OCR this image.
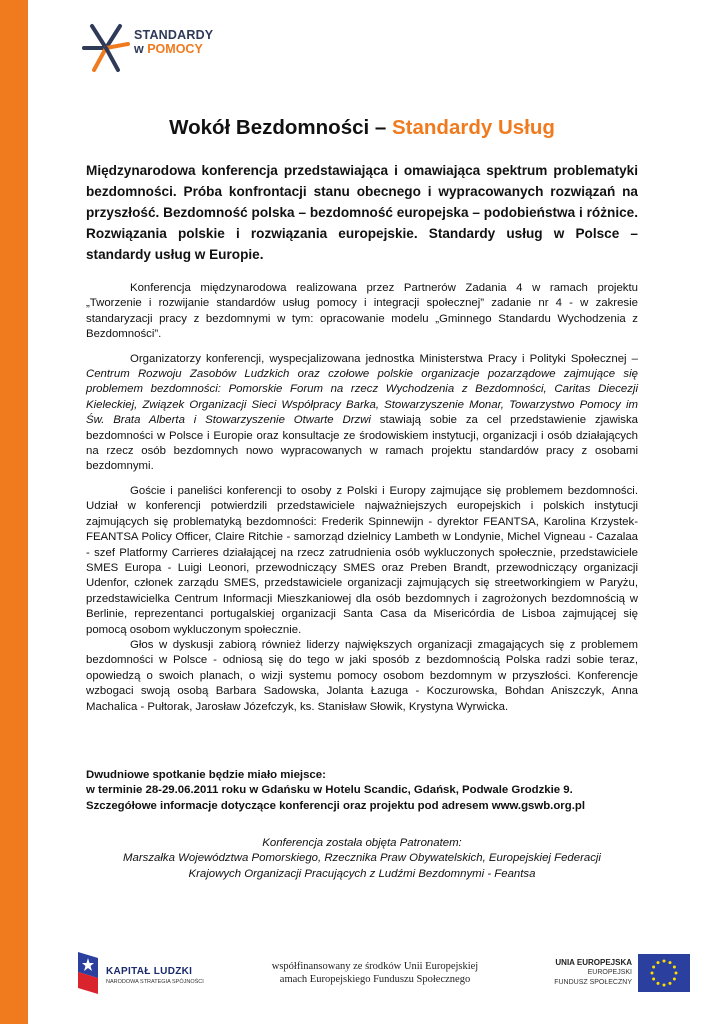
STANDARDY
w POMOCY
Wokół Bezdomności – Standardy Usług

Międzynarodowa konferencja przedstawiająca i omawiająca spektrum problematyki bezdomności. Próba konfrontacji stanu obecnego i wypracowanych rozwiązań na przyszłość. Bezdomność polska – bezdomność europejska – podobieństwa i różnice. Rozwiązania polskie i rozwiązania europejskie. Standardy usług w Polsce – standardy usług w Europie.

Konferencja międzynarodowa realizowana przez Partnerów Zadania 4 w ramach projektu „Tworzenie i rozwijanie standardów usług pomocy i integracji społecznej” zadanie nr 4 - w zakresie standaryzacji pracy z bezdomnymi w tym: opracowanie modelu „Gminnego Standardu Wychodzenia z Bezdomności”.

Organizatorzy konferencji, wyspecjalizowana jednostka Ministerstwa Pracy i Polityki Społecznej – Centrum Rozwoju Zasobów Ludzkich oraz czołowe polskie organizacje pozarządowe zajmujące się problemem bezdomności: Pomorskie Forum na rzecz Wychodzenia z Bezdomności, Caritas Diecezji Kieleckiej, Związek Organizacji Sieci Współpracy Barka, Stowarzyszenie Monar, Towarzystwo Pomocy im Św. Brata Alberta i Stowarzyszenie Otwarte Drzwi stawiają sobie za cel przedstawienie zjawiska bezdomności w Polsce i Europie oraz konsultacje ze środowiskiem instytucji, organizacji i osób działających na rzecz osób bezdomnych nowo wypracowanych w ramach projektu standardów pracy z osobami bezdomnymi.

Goście i paneliści konferencji to osoby z Polski i Europy zajmujące się problemem bezdomności. Udział w konferencji potwierdzili przedstawiciele najważniejszych europejskich i polskich instytucji zajmujących się problematyką bezdomności: Frederik Spinnewijn - dyrektor FEANTSA, Karolina Krzystek- FEANTSA Policy Officer, Claire Ritchie - samorząd dzielnicy Lambeth w Londynie, Michel Vigneau - Cazalaa - szef Platformy Carrieres działającej na rzecz zatrudnienia osób wykluczonych społecznie, przedstawiciele SMES Europa - Luigi Leonori, przewodniczący SMES oraz Preben Brandt, przewodniczący organizacji Udenfor, członek zarządu SMES, przedstawiciele organizacji zajmujących się streetworkingiem w Paryżu, przedstawicielka Centrum Informacji Mieszkaniowej dla osób bezdomnych i zagrożonych bezdomnością w Berlinie, reprezentanci portugalskiej organizacji Santa Casa da Misericórdia de Lisboa zajmującej się pomocą osobom wykluczonym społecznie.

Głos w dyskusji zabiorą również liderzy największych organizacji zmagających się z problemem bezdomności w Polsce - odniosą się do tego w jaki sposób z bezdomnością Polska radzi sobie teraz, opowiedzą o swoich planach, o wizji systemu pomocy osobom bezdomnym w przyszłości. Konferencje wzbogaci swoją osobą Barbara Sadowska, Jolanta Łazuga - Koczurowska, Bohdan Aniszczyk, Anna Machalica - Pułtorak, Jarosław Józefczyk, ks. Stanisław Słowik, Krystyna Wyrwicka.

Dwudniowe spotkanie będzie miało miejsce:
w terminie 28-29.06.2011 roku w Gdańsku w Hotelu Scandic, Gdańsk, Podwale Grodzkie 9.
Szczegółowe informacje dotyczące konferencji oraz projektu pod adresem www.gswb.org.pl
Konferencja została objęta Patronatem:
Marszałka Województwa Pomorskiego, Rzecznika Praw Obywatelskich, Europejskiej Federacji
Krajowych Organizacji Pracujących z Ludźmi Bezdomnymi - Feantsa
KAPITAŁ LUDZKI
NARODOWA STRATEGIA SPÓJNOŚCI
współfinansowany ze środków Unii Europejskiej
amach Europejskiego Funduszu Społecznego
UNIA EUROPEJSKA
EUROPEJSKI
FUNDUSZ SPOŁECZNY
